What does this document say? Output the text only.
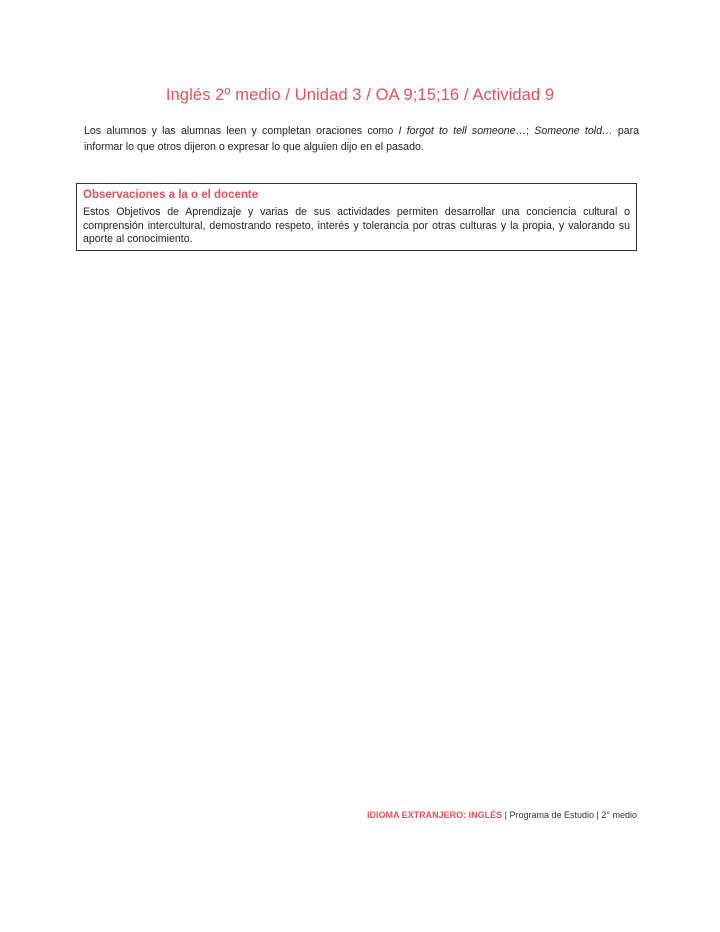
Inglés 2º medio / Unidad 3 / OA 9;15;16 / Actividad 9

Los alumnos y las alumnas leen y completan oraciones como I forgot to tell someone…; Someone told… para informar lo que otros dijeron o expresar lo que alguien dijo en el pasado.

Observaciones a la o el docente
Estos Objetivos de Aprendizaje y varias de sus actividades permiten desarrollar una conciencia cultural o comprensión intercultural, demostrando respeto, interés y tolerancia por otras culturas y la propia, y valorando su aporte al conocimiento.
IDIOMA EXTRANJERO: INGLÉS | Programa de Estudio | 2° medio
